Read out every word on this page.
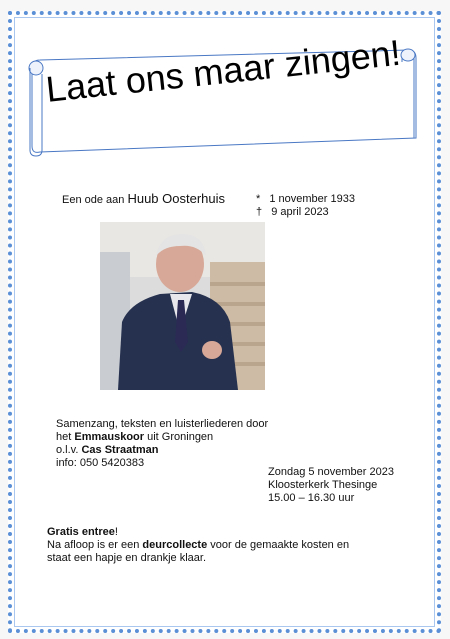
Laat ons maar zingen!
Een ode aan Huub Oosterhuis	* 1 november 1933
† 9 april 2023
Samenzang, teksten en luisterliederen door
het Emmauskoor uit Groningen
o.l.v. Cas Straatman
info: 050 5420383
Zondag 5 november 2023
Kloosterkerk Thesinge
15.00 – 16.30 uur
Gratis entree!
Na afloop is er een deurcollecte voor de gemaakte kosten en
staat een hapje en drankje klaar.
